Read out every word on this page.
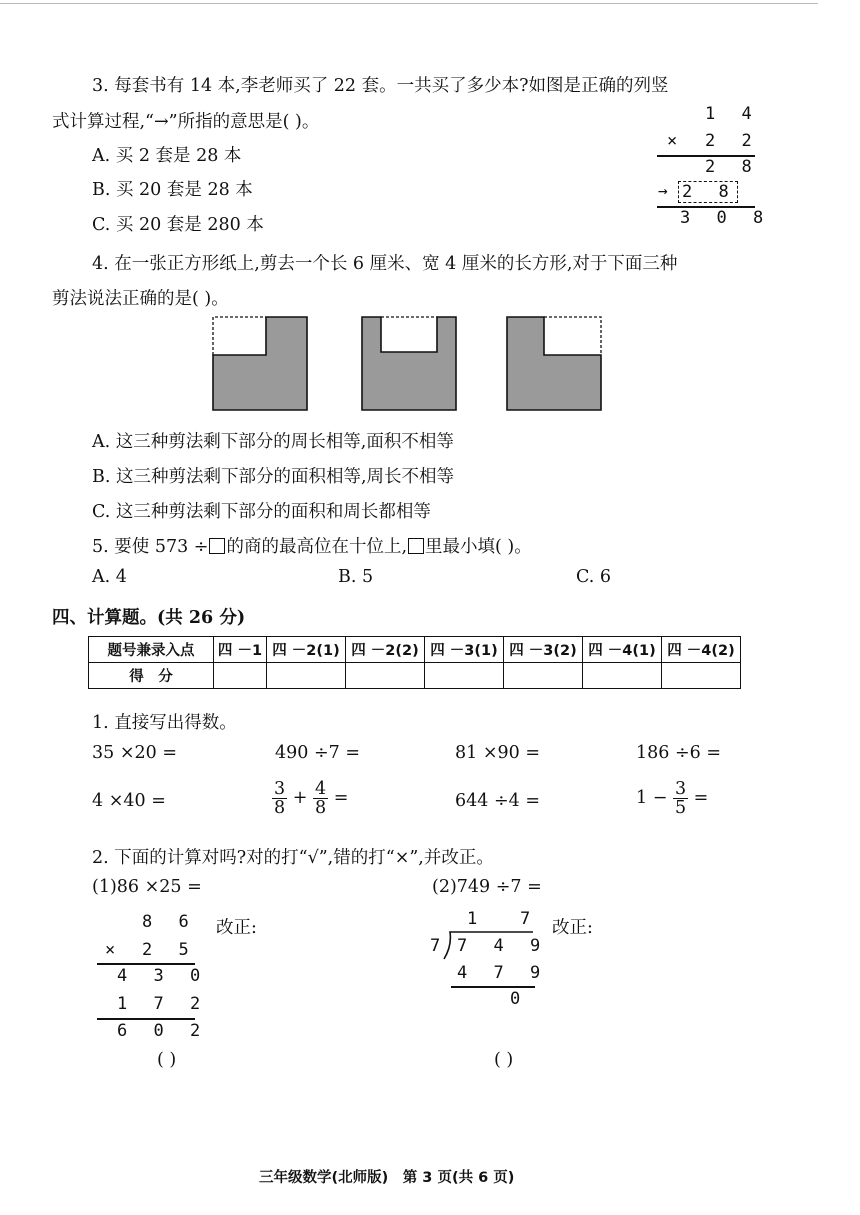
3. 每套书有 14 本,李老师买了 22 套。一共买了多少本?如图是正确的列竖
式计算过程,“→”所指的意思是( )。
A. 买 2 套是 28 本
B. 买 20 套是 28 本
C. 买 20 套是 280 本
1 4
× 2 2
2 8
→ 2 8
3 0 8
4. 在一张正方形纸上,剪去一个长 6 厘米、宽 4 厘米的长方形,对于下面三种
剪法说法正确的是( )。
A. 这三种剪法剩下部分的周长相等,面积不相等
B. 这三种剪法剩下部分的面积相等,周长不相等
C. 这三种剪法剩下部分的面积和周长都相等
5. 要使 573 ÷ 的商的最高位在十位上, 里最小填( )。
A. 4	B. 5	C. 6
四、计算题。(共 26 分)
题号兼录入点	四 －1	四 －2(1)	四 －2(2)	四 －3(1)	四 －3(2)	四 －4(1)	四 －4(2)
得　分							
1. 直接写出得数。
35 ×20 =	490 ÷7 =	81 ×90 =	186 ÷6 =
4 ×40 =	$\frac{3}{8} + \frac{4}{8}$ =	644 ÷4 =	$1 - \frac{3}{5}$ =
2. 下面的计算对吗?对的打“√”,错的打“×”,并改正。
(1)86 ×25 =
8 6
× 2 5
4 3 0
1 7 2
6 0 2
改正:
( )
(2)749 ÷7 =
1   7
7 7 4 9
4 7 9
0
改正:
( )
三年级数学(北师版)　第 3 页(共 6 页)
